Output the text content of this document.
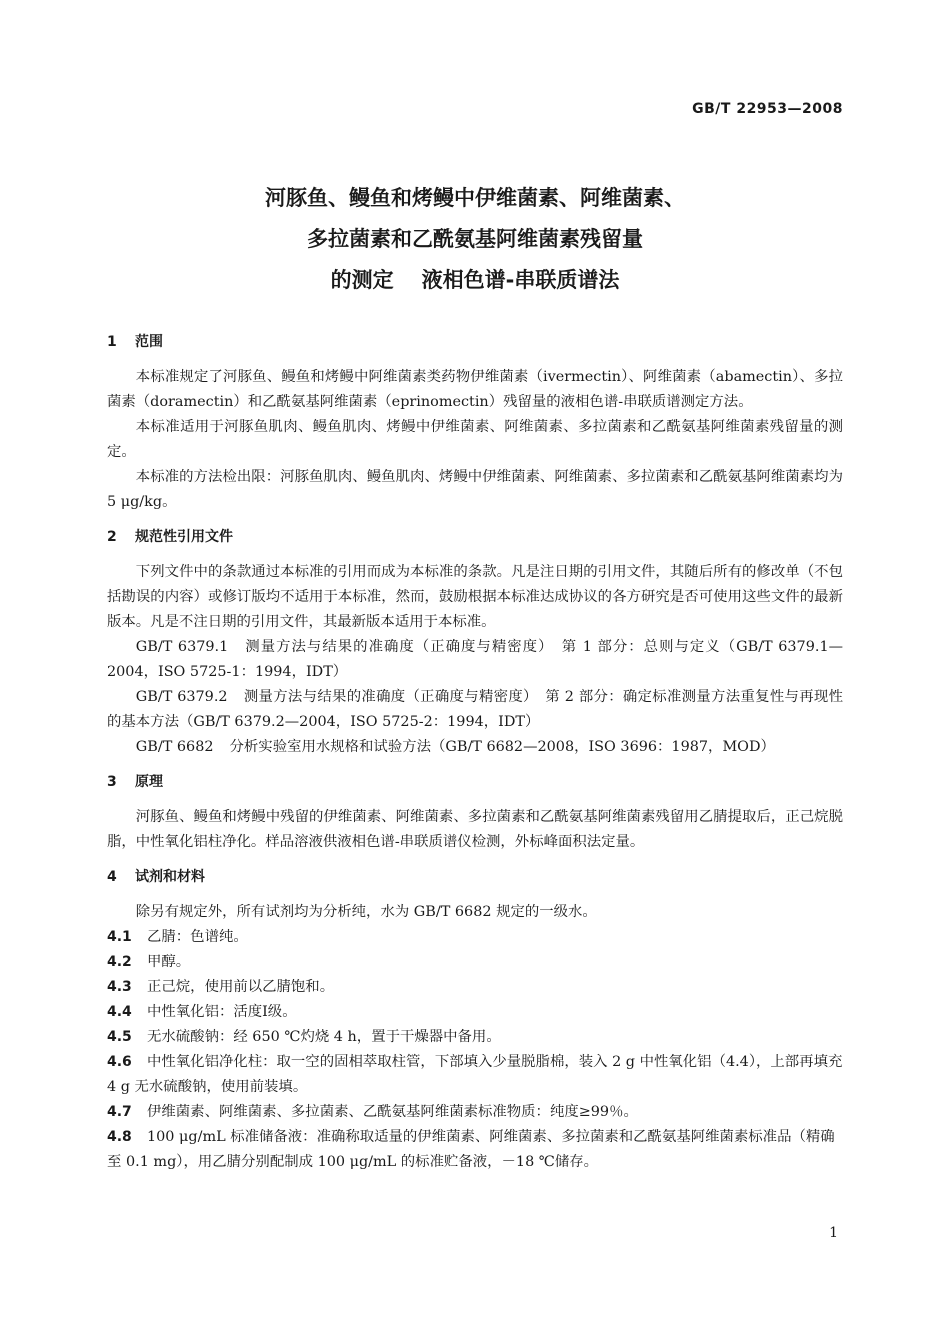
GB/T 22953—2008
河豚鱼、鳗鱼和烤鳗中伊维菌素、阿维菌素、
多拉菌素和乙酰氨基阿维菌素残留量
的测定 液相色谱-串联质谱法
1 范围

本标准规定了河豚鱼、鳗鱼和烤鳗中阿维菌素类药物伊维菌素（ivermectin）、阿维菌素（abamectin）、多拉菌素（doramectin）和乙酰氨基阿维菌素（eprinomectin）残留量的液相色谱-串联质谱测定方法。

本标准适用于河豚鱼肌肉、鳗鱼肌肉、烤鳗中伊维菌素、阿维菌素、多拉菌素和乙酰氨基阿维菌素残留量的测定。

本标准的方法检出限：河豚鱼肌肉、鳗鱼肌肉、烤鳗中伊维菌素、阿维菌素、多拉菌素和乙酰氨基阿维菌素均为 5 μg/kg。

2 规范性引用文件

下列文件中的条款通过本标准的引用而成为本标准的条款。凡是注日期的引用文件，其随后所有的修改单（不包括勘误的内容）或修订版均不适用于本标准，然而，鼓励根据本标准达成协议的各方研究是否可使用这些文件的最新版本。凡是不注日期的引用文件，其最新版本适用于本标准。

GB/T 6379.1 测量方法与结果的准确度（正确度与精密度）　第 1 部分：总则与定义（GB/T 6379.1—2004，ISO 5725-1：1994，IDT）

GB/T 6379.2 测量方法与结果的准确度（正确度与精密度）　第 2 部分：确定标准测量方法重复性与再现性的基本方法（GB/T 6379.2—2004，ISO 5725-2：1994，IDT）

GB/T 6682 分析实验室用水规格和试验方法（GB/T 6682—2008，ISO 3696：1987，MOD）

3 原理

河豚鱼、鳗鱼和烤鳗中残留的伊维菌素、阿维菌素、多拉菌素和乙酰氨基阿维菌素残留用乙腈提取后，正己烷脱脂，中性氧化铝柱净化。样品溶液供液相色谱-串联质谱仪检测，外标峰面积法定量。

4 试剂和材料

除另有规定外，所有试剂均为分析纯，水为 GB/T 6682 规定的一级水。

4.1 乙腈：色谱纯。

4.2 甲醇。

4.3 正己烷，使用前以乙腈饱和。

4.4 中性氧化铝：活度Ⅰ级。

4.5 无水硫酸钠：经 650 ℃灼烧 4 h，置于干燥器中备用。

4.6 中性氧化铝净化柱：取一空的固相萃取柱管，下部填入少量脱脂棉，装入 2 g 中性氧化铝（4.4），上部再填充 4 g 无水硫酸钠，使用前装填。

4.7 伊维菌素、阿维菌素、多拉菌素、乙酰氨基阿维菌素标准物质：纯度≥99％。

4.8 100 μg/mL 标准储备液：准确称取适量的伊维菌素、阿维菌素、多拉菌素和乙酰氨基阿维菌素标准品（精确至 0.1 mg），用乙腈分别配制成 100 μg/mL 的标准贮备液，－18 ℃储存。

1
